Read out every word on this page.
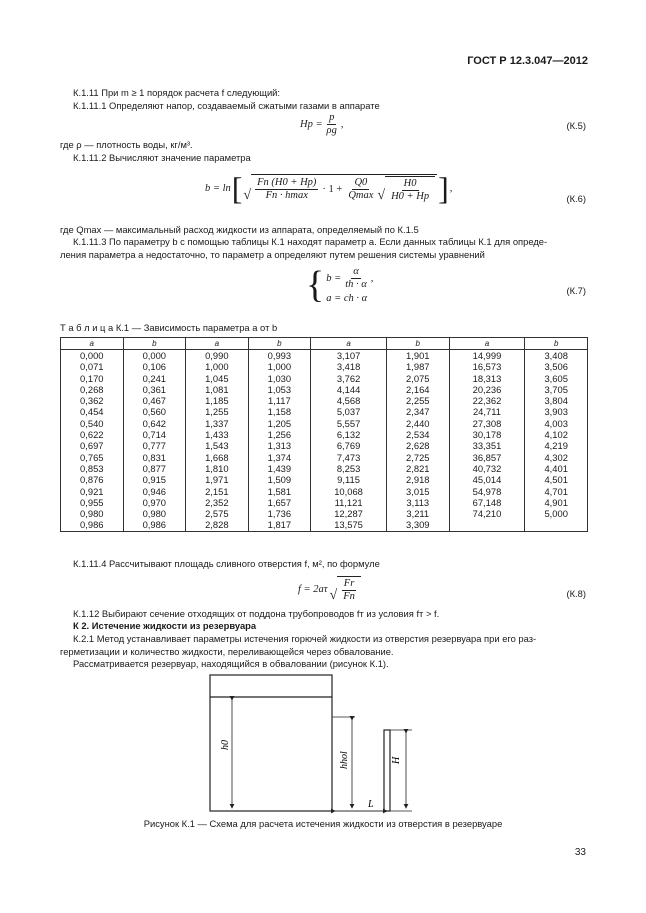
ГОСТ Р 12.3.047—2012
К.1.11 При m ≥ 1 порядок расчета f следующий:
К.1.11.1 Определяют напор, создаваемый сжатыми газами в аппарате
Hр = $\frac{p}{\rho g}$ ,	(К.5)
где ρ — плотность воды, кг/м³.
К.1.11.2 Вычисляют значение параметра
b = ln [ √ $\frac{Fп (H0 + Hр)}{Fп \cdot hmax} \cdot 1 + \frac{Q0}{Qmax}$ √ $\frac{H0}{H0 + Hр}$ ] ,
(К.6)
где Qmax — максимальный расход жидкости из аппарата, определяемый по К.1.5
К.1.11.3 По параметру b с помощью таблицы К.1 находят параметр a. Если данных таблицы К.1 для опреде-
ления параметра a недостаточно, то параметр a определяют путем решения системы уравнений
{ $b = \frac{\alpha}{th \cdot \alpha}$ ,
a = ch · α
(К.7)
Т а б л и ц а К.1 — Зависимость параметра a от b
a	b	a	b	a	b	a	b
0,000	0,000	0,990	0,993	3,107	1,901	14,999	3,408
0,071	0,106	1,000	1,000	3,418	1,987	16,573	3,506
0,170	0,241	1,045	1,030	3,762	2,075	18,313	3,605
0,268	0,361	1,081	1,053	4,144	2,164	20,236	3,705
0,362	0,467	1,185	1,117	4,568	2,255	22,362	3,804
0,454	0,560	1,255	1,158	5,037	2,347	24,711	3,903
0,540	0,642	1,337	1,205	5,557	2,440	27,308	4,003
0,622	0,714	1,433	1,256	6,132	2,534	30,178	4,102
0,697	0,777	1,543	1,313	6,769	2,628	33,351	4,219
0,765	0,831	1,668	1,374	7,473	2,725	36,857	4,302
0,853	0,877	1,810	1,439	8,253	2,821	40,732	4,401
0,876	0,915	1,971	1,509	9,115	2,918	45,014	4,501
0,921	0,946	2,151	1,581	10,068	3,015	54,978	4,701
0,955	0,970	2,352	1,657	11,121	3,113	67,148	4,901
0,980	0,980	2,575	1,736	12,287	3,211	74,210	5,000
0,986	0,986	2,828	1,817	13,575	3,309		
К.1.11.4 Рассчитывают площадь сливного отверстия f, м², по формуле
f = 2aτ √ $\frac{Fr}{Fп}$	(К.8)
К.1.12 Выбирают сечение отходящих от поддона трубопроводов fт из условия fт > f.
К 2. Истечение жидкости из резервуара
К.2.1 Метод устанавливает параметры истечения горючей жидкости из отверстия резервуара при его раз-
герметизации и количество жидкости, переливающейся через обвалование.
Рассматривается резервуар, находящийся в обваловании (рисунок К.1).
h0
hhol	H
L
Рисунок К.1 — Схема для расчета истечения жидкости из отверстия в резервуаре
33
